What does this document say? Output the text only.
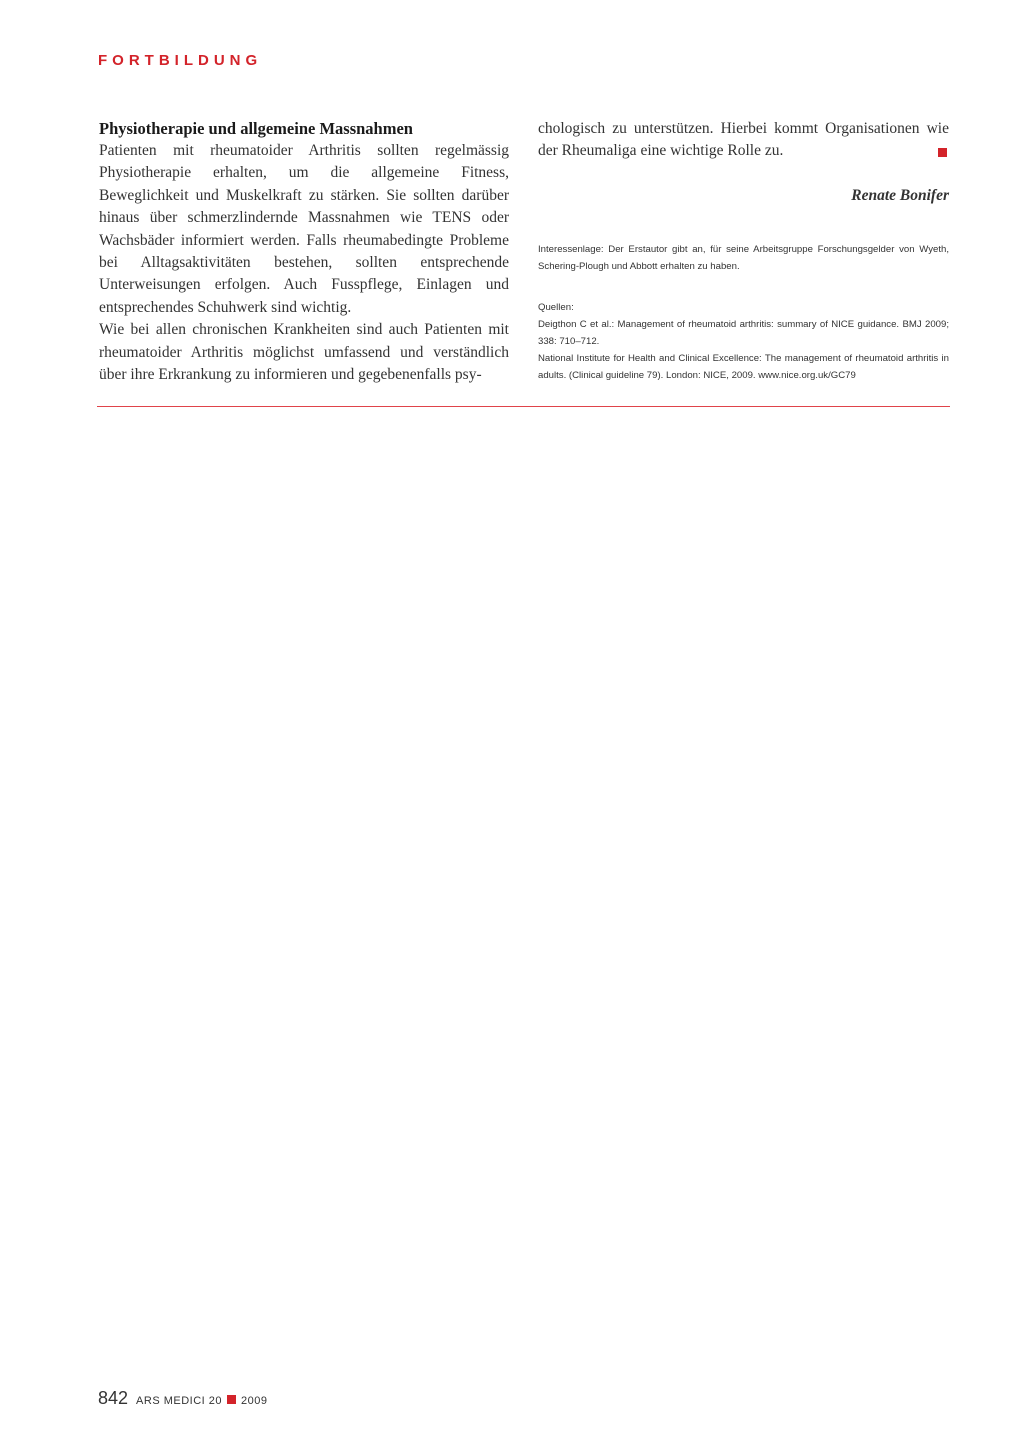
FORTBILDUNG
Physiotherapie und allgemeine Massnahmen

Patienten mit rheumatoider Arthritis sollten regelmässig Physiotherapie erhalten, um die allgemeine Fitness, Beweglichkeit und Muskelkraft zu stärken. Sie sollten darüber hinaus über schmerzlindernde Massnahmen wie TENS oder Wachsbäder informiert werden. Falls rheumabedingte Probleme bei Alltagsaktivitäten bestehen, sollten entsprechende Unterweisungen erfolgen. Auch Fusspflege, Einlagen und entsprechendes Schuhwerk sind wichtig.

Wie bei allen chronischen Krankheiten sind auch Patienten mit rheumatoider Arthritis möglichst umfassend und verständlich über ihre Erkrankung zu informieren und gegebenenfalls psy-

chologisch zu unterstützen. Hierbei kommt Organisationen wie der Rheumaliga eine wichtige Rolle zu.

Renate Bonifer
Interessenlage: Der Erstautor gibt an, für seine Arbeitsgruppe Forschungsgelder von Wyeth, Schering-Plough und Abbott erhalten zu haben.
Quellen:
Deigthon C et al.: Management of rheumatoid arthritis: summary of NICE guidance. BMJ 2009; 338: 710–712.
National Institute for Health and Clinical Excellence: The management of rheumatoid arthritis in adults. (Clinical guideline 79). London: NICE, 2009. www.nice.org.uk/GC79
842 ARS MEDICI 20 2009
